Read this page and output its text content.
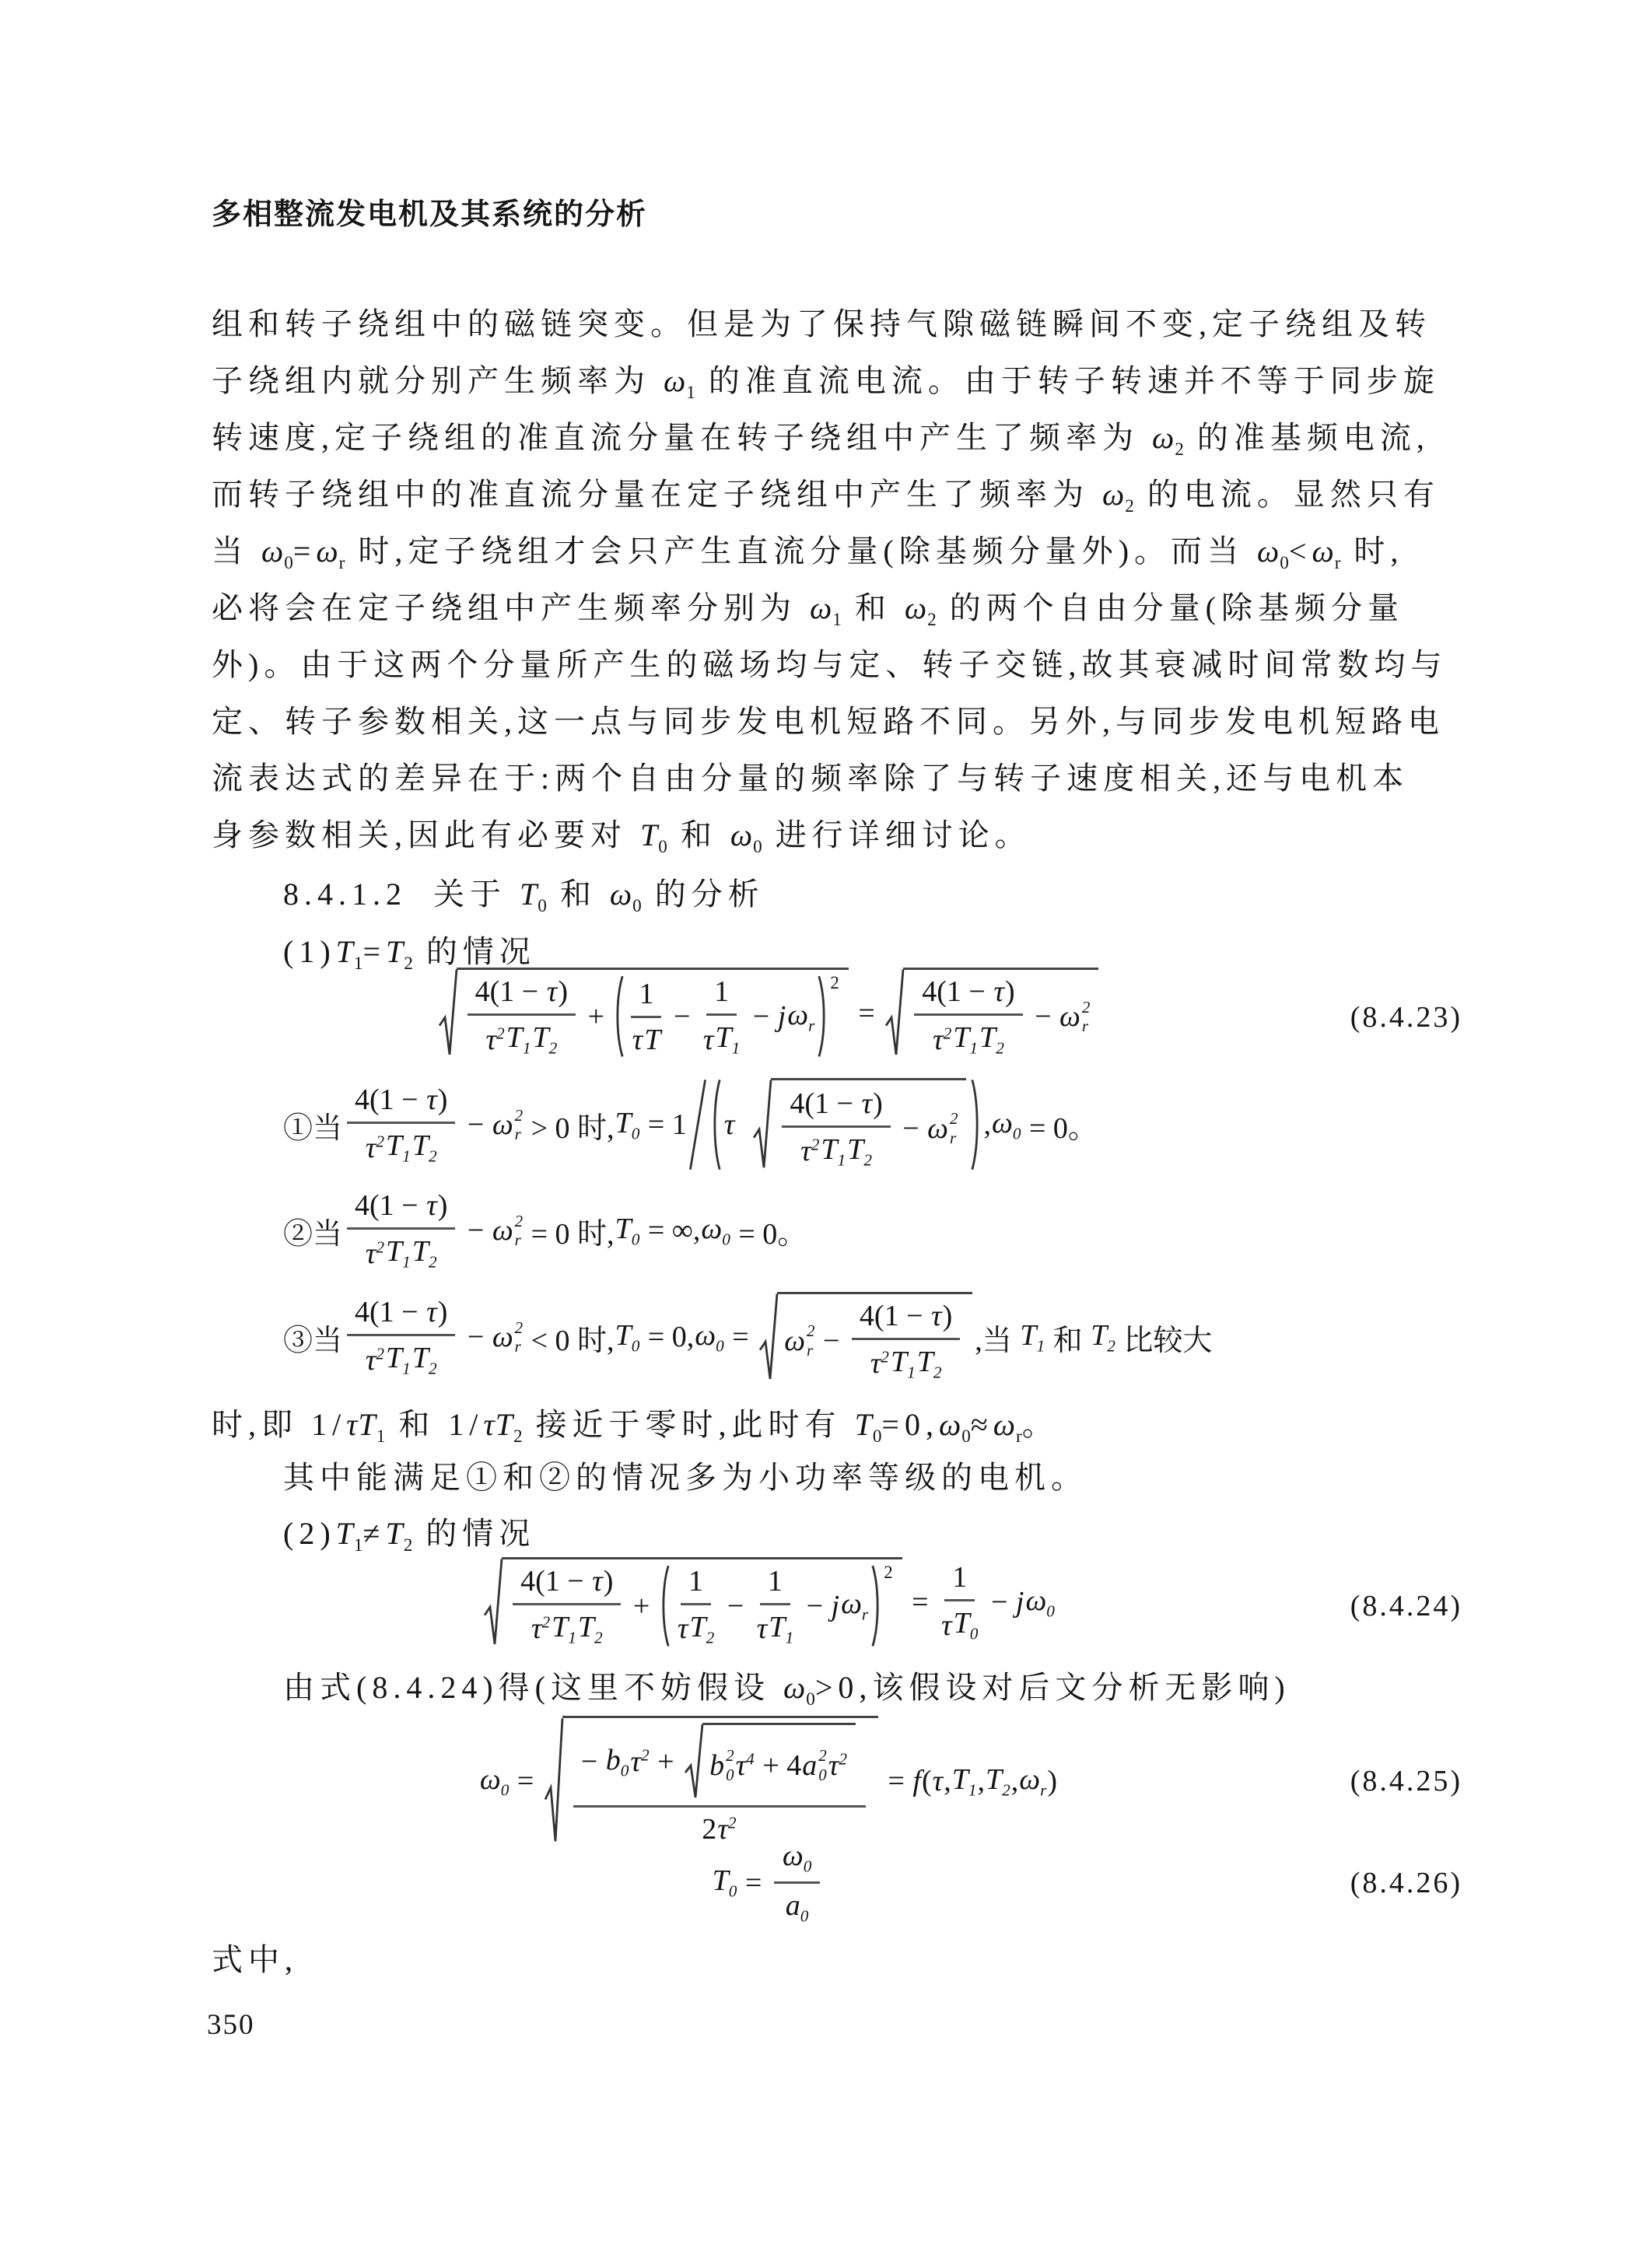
多相整流发电机及其系统的分析
组和转子绕组中的磁链突变。但是为了保持气隙磁链瞬间不变,定子绕组及转
子绕组内就分别产生频率为 $\omega_1$ 的准直流电流。由于转子转速并不等于同步旋
转速度,定子绕组的准直流分量在转子绕组中产生了频率为 $\omega_2$ 的准基频电流,
而转子绕组中的准直流分量在定子绕组中产生了频率为 $\omega_2$ 的电流。显然只有
当 $\omega_0=\omega_r$ 时,定子绕组才会只产生直流分量(除基频分量外)。而当 $\omega_0<\omega_r$ 时,
必将会在定子绕组中产生频率分别为 $\omega_1$ 和 $\omega_2$ 的两个自由分量(除基频分量
外)。由于这两个分量所产生的磁场均与定、转子交链,故其衰减时间常数均与
定、转子参数相关,这一点与同步发电机短路不同。另外,与同步发电机短路电
流表达式的差异在于:两个自由分量的频率除了与转子速度相关,还与电机本
身参数相关,因此有必要对 $T_0$ 和 $\omega_0$ 进行详细讨论。
8.4.1.2  关于 $T_0$ 和 $\omega_0$ 的分析
$(1)T_1=T_2$ 的情况
$\frac{4(1 - \tau )}{\tau^2 T_1 T_2} + \frac{1}{\text{τ T}} - \frac{1}{\tau T_1} - j$ $\omega_r$
2
= $\frac{4(1 - \tau )}{\tau^2 T_1 T_2} - \omega$ 2
r	(8.4.23)
①当 $\frac{4(1 - \tau )}{\tau^2 T_1 T_2} - \omega$ 2
r > 0 时, $T_0 = 1$ τ
$\frac{4(1 - \tau )}{\tau^2 T_1 T_2} - \omega$ 2
r , $\omega_0 = 0$。
②当 $\frac{4(1 - \tau )}{\tau^2 T_1 T_2} - \omega$ 2
r = 0 时, $T_0$ = ∞, $\omega_0 = 0$。
③当 $\frac{4(1 - \tau )}{\tau^2 T_1 T_2} - \omega$ 2
r < 0 时, $T_0 = 0$, $\omega_0 = \omega$ 2
$r - \frac{4(1 - \tau )}{\tau^2 T_1 T_2}$ ,当 $T_1$ 和 $T_2$ 比较大
时,即 $1/\tau T_1$ 和 $1/\tau T_2$ 接近于零时,此时有 $T_0=0,\omega_0\approx\omega_r$。
其中能满足①和②的情况多为小功率等级的电机。
$(2)T_1\ne T_2$ 的情况
$\frac{4(1 - \tau )}{\tau^2 T_1 T_2} + \frac{1}{\tau T_2} - \frac{1}{\tau T_1} - j$ $\omega_r$
2
= $\frac{1}{\tau T_0} - j$ $\omega_0$	(8.4.24)
由式(8.4.24)得(这里不妨假设 $\omega_0>0$,该假设对后文分析无影响)
$\omega_0$ = − $b_0$ $\tau^2 + b$ 2
0 $\tau^4 + 4$ a 2
0 $\tau^2$
2 $\tau^2 = f$ ( τ , $T_1$ , $T_2$ , $\omega_r$ )	(8.4.25)
$T_0 = \frac{\omega_0}{a_0}$	(8.4.26)
式中,
350
